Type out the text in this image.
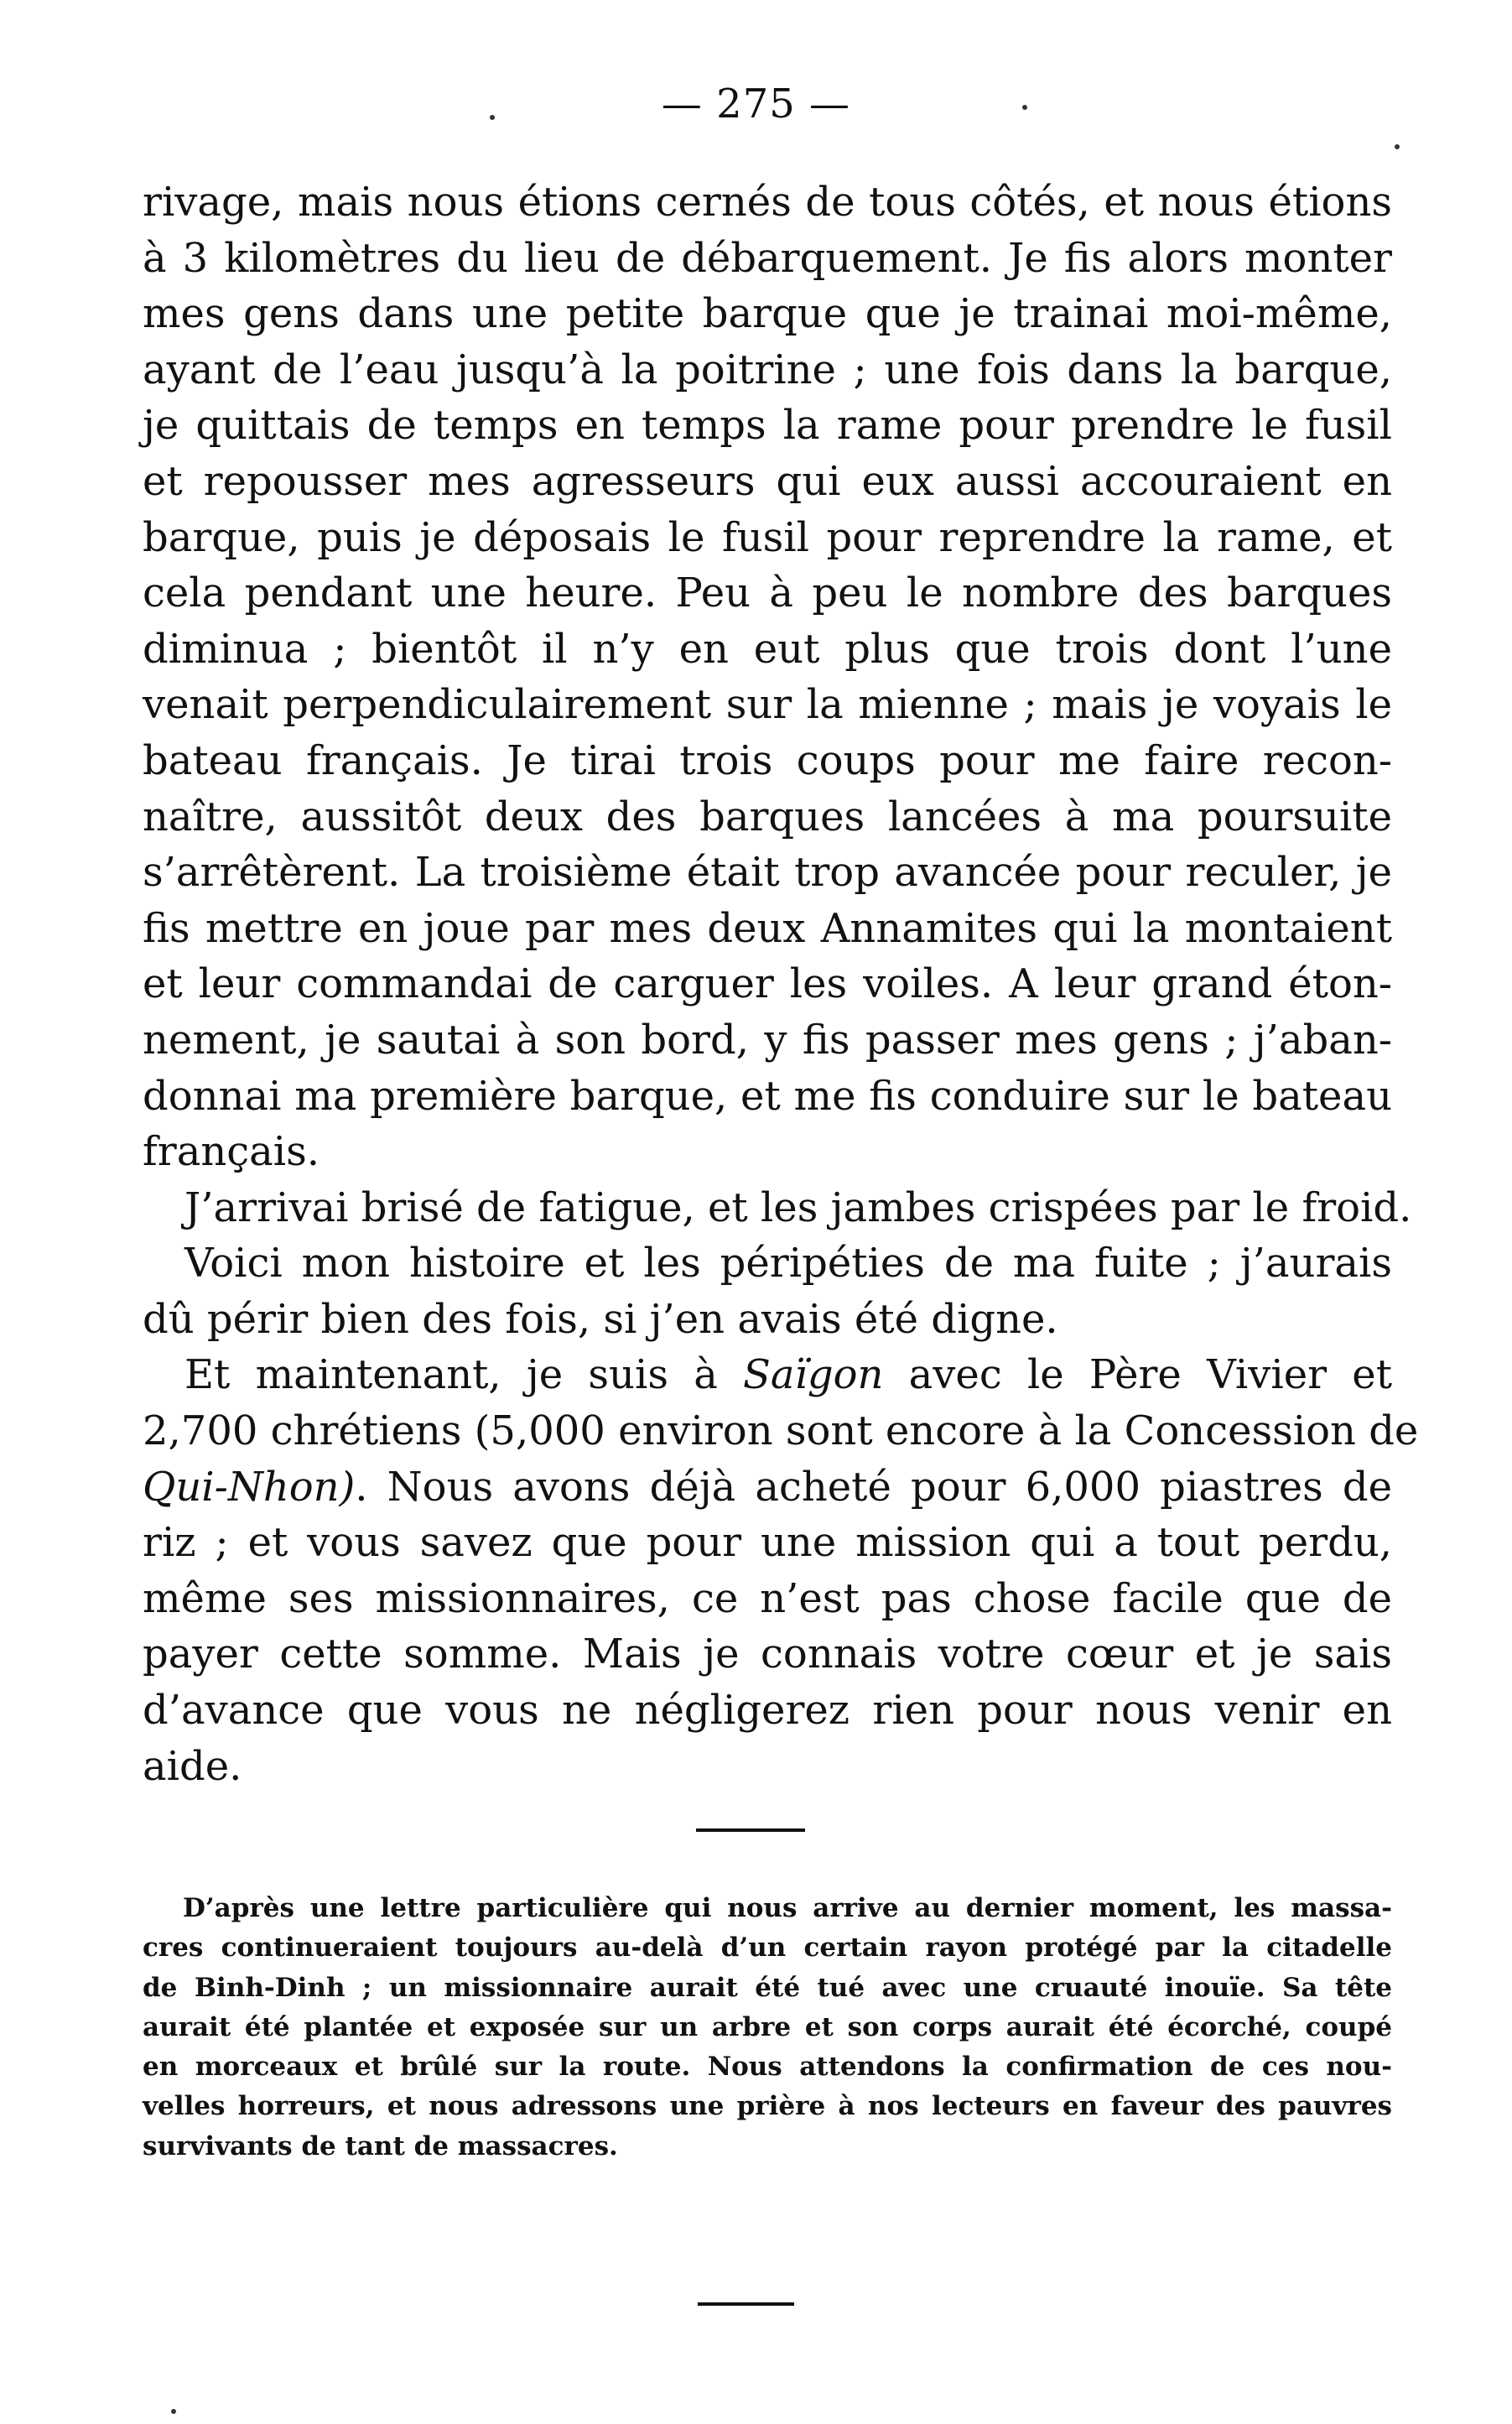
— 275 —
rivage, mais nous étions cernés de tous côtés, et nous étions
à 3 kilomètres du lieu de débarquement. Je fis alors monter
mes gens dans une petite barque que je trainai moi-même,
ayant de l’eau jusqu’à la poitrine ; une fois dans la barque,
je quittais de temps en temps la rame pour prendre le fusil
et repousser mes agresseurs qui eux aussi accouraient en
barque, puis je déposais le fusil pour reprendre la rame, et
cela pendant une heure. Peu à peu le nombre des barques
diminua ; bientôt il n’y en eut plus que trois dont l’une
venait perpendiculairement sur la mienne ; mais je voyais le
bateau français. Je tirai trois coups pour me faire recon-
naître, aussitôt deux des barques lancées à ma poursuite
s’arrêtèrent. La troisième était trop avancée pour reculer, je
fis mettre en joue par mes deux Annamites qui la montaient
et leur commandai de carguer les voiles. A leur grand éton-
nement, je sautai à son bord, y fis passer mes gens ; j’aban-
donnai ma première barque, et me fis conduire sur le bateau
français.
J’arrivai brisé de fatigue, et les jambes crispées par le froid.
Voici mon histoire et les péripéties de ma fuite ; j’aurais
dû périr bien des fois, si j’en avais été digne.
Et maintenant, je suis à Saïgon avec le Père Vivier et
2,700 chrétiens (5,000 environ sont encore à la Concession de
Qui-Nhon). Nous avons déjà acheté pour 6,000 piastres de
riz ; et vous savez que pour une mission qui a tout perdu,
même ses missionnaires, ce n’est pas chose facile que de
payer cette somme. Mais je connais votre cœur et je sais
d’avance que vous ne négligerez rien pour nous venir en
aide.
D’après une lettre particulière qui nous arrive au dernier moment, les massa-
cres continueraient toujours au-delà d’un certain rayon protégé par la citadelle
de Binh-Dinh ; un missionnaire aurait été tué avec une cruauté inouïe. Sa tête
aurait été plantée et exposée sur un arbre et son corps aurait été écorché, coupé
en morceaux et brûlé sur la route. Nous attendons la confirmation de ces nou-
velles horreurs, et nous adressons une prière à nos lecteurs en faveur des pauvres
survivants de tant de massacres.
